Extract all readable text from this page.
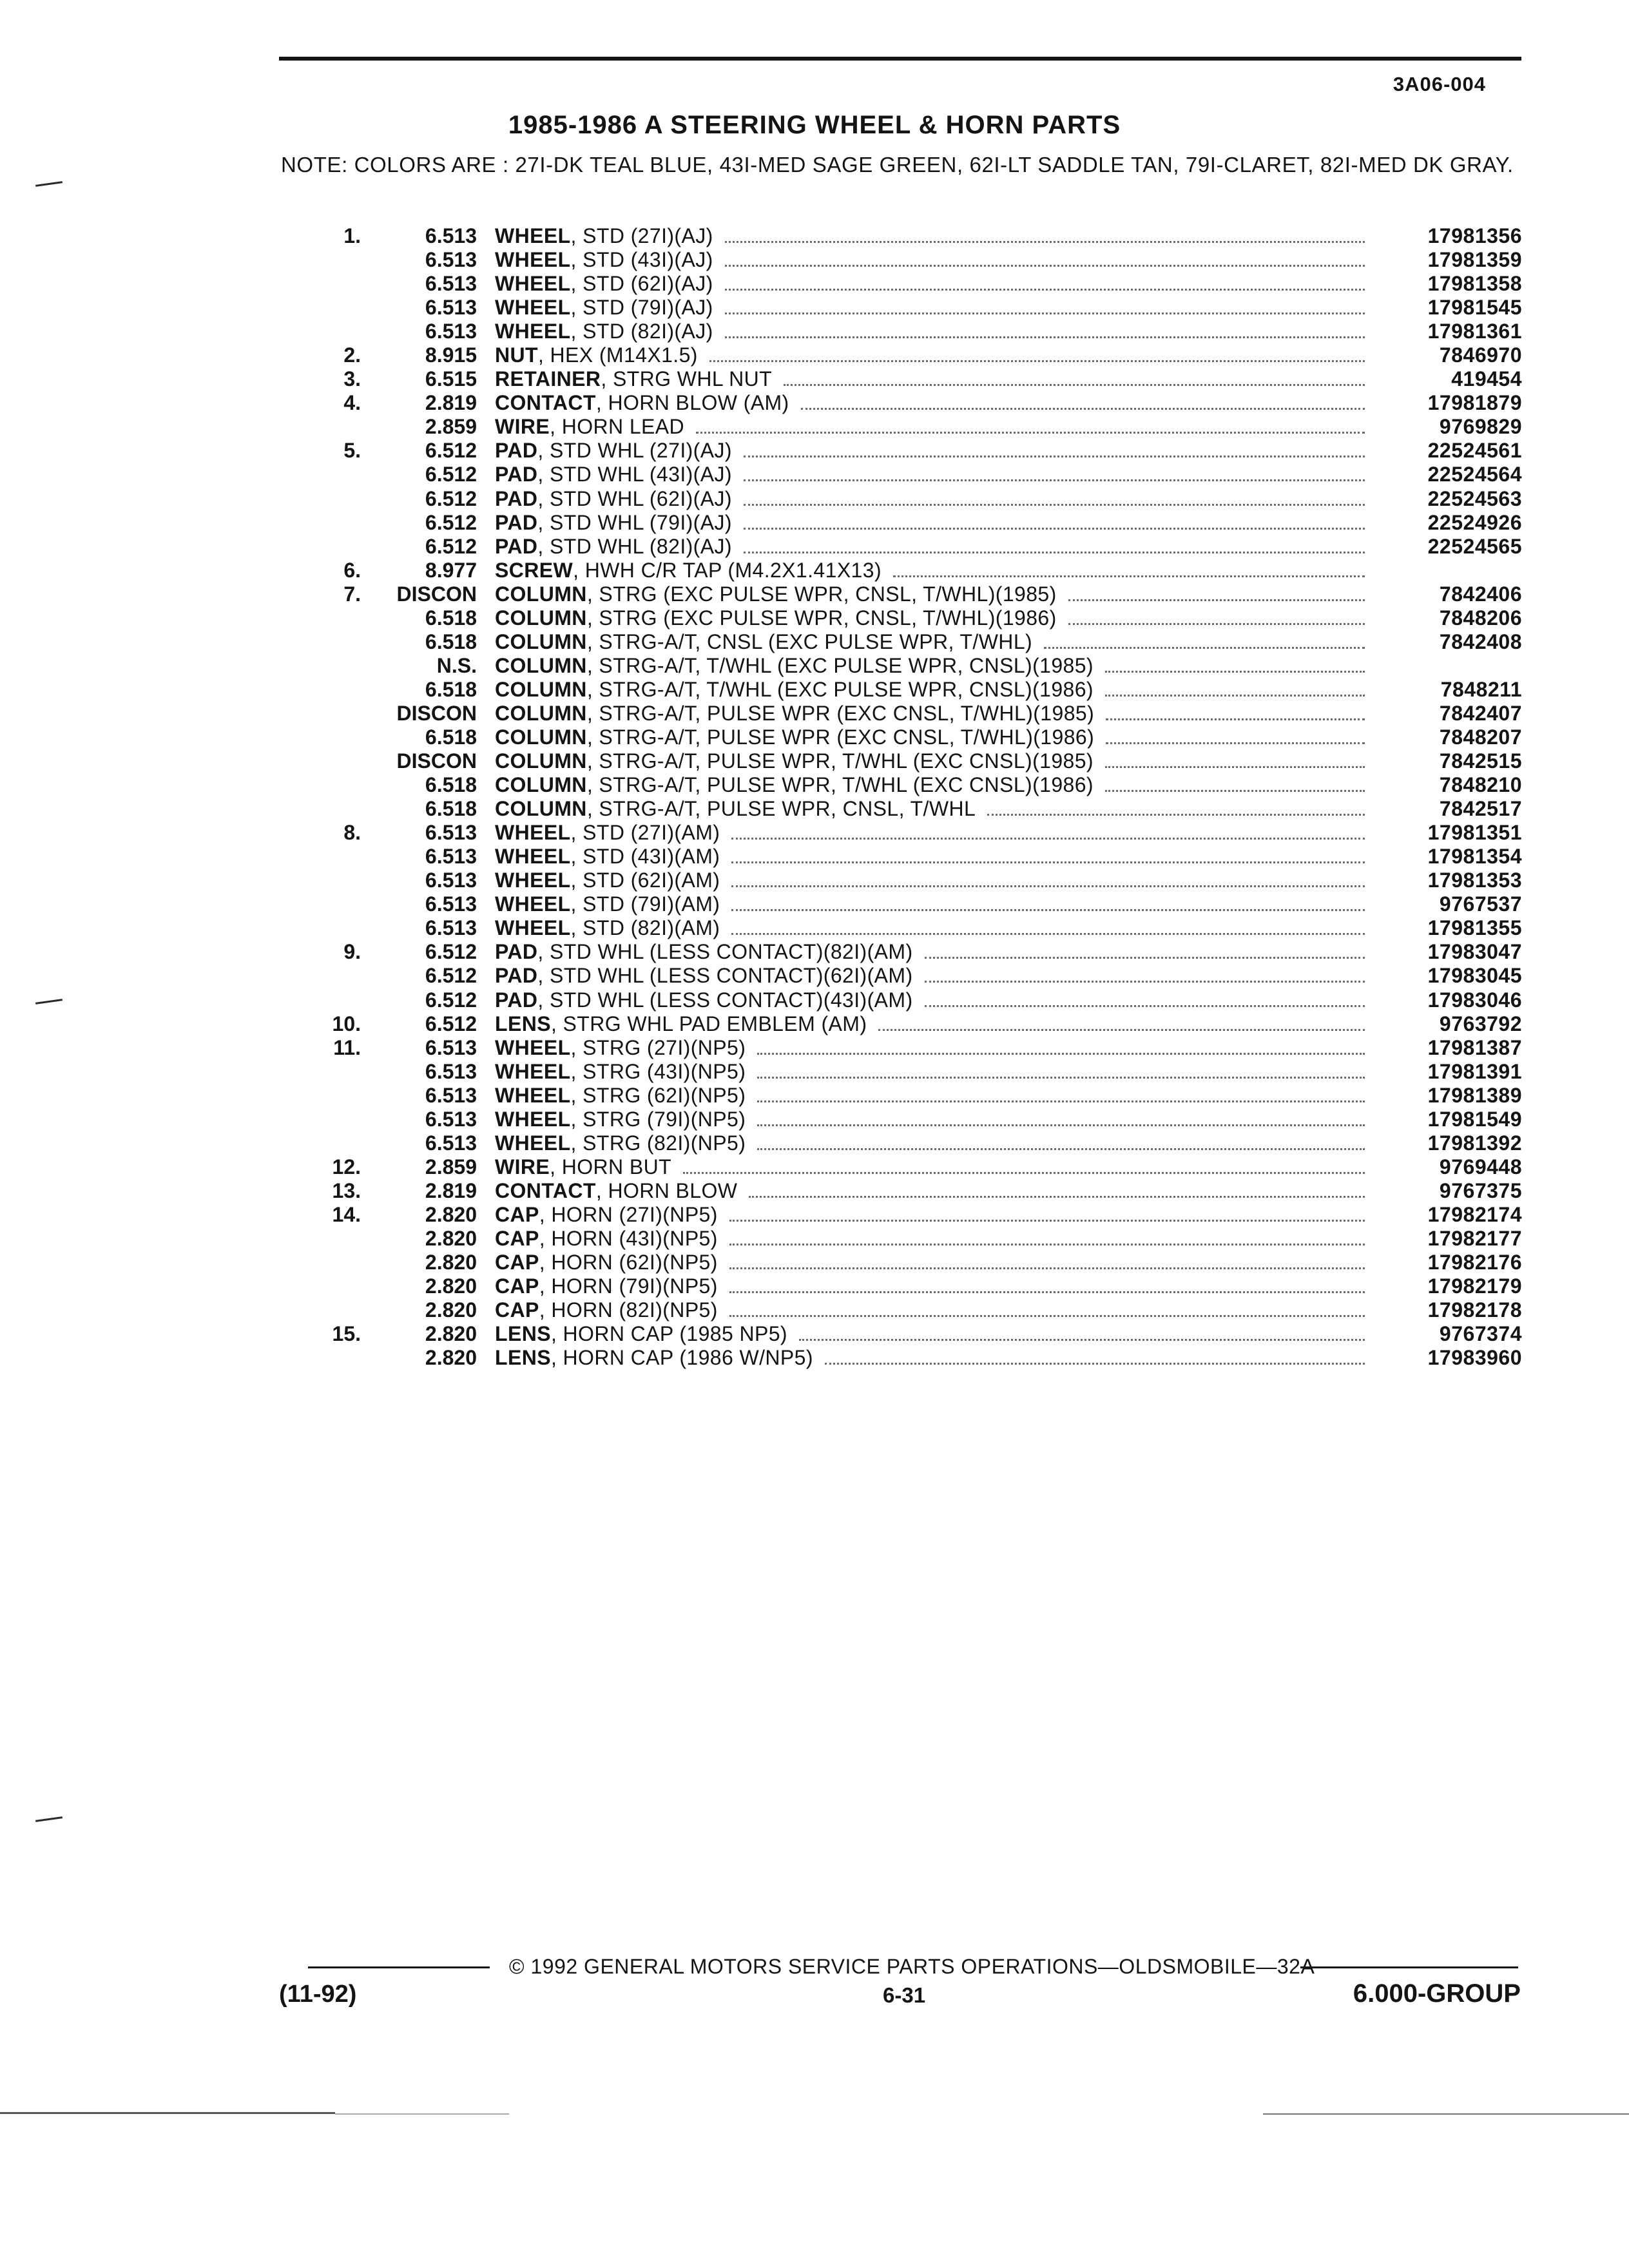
3A06-004
1985-1986 A STEERING WHEEL & HORN PARTS
NOTE: COLORS ARE : 27I-DK TEAL BLUE, 43I-MED SAGE GREEN, 62I-LT SADDLE TAN, 79I-CLARET, 82I-MED DK GRAY.
1.	6.513 WHEEL , STD (27I)(AJ)	17981356
6.513 WHEEL , STD (43I)(AJ)	17981359
6.513 WHEEL , STD (62I)(AJ)	17981358
6.513 WHEEL , STD (79I)(AJ)	17981545
6.513 WHEEL , STD (82I)(AJ)	17981361
2.	8.915 NUT , HEX (M14X1.5)	7846970
3.	6.515 RETAINER , STRG WHL NUT	419454
4.	2.819 CONTACT , HORN BLOW (AM)	17981879
2.859 WIRE , HORN LEAD	9769829
5.	6.512 PAD , STD WHL (27I)(AJ)	22524561
6.512 PAD , STD WHL (43I)(AJ)	22524564
6.512 PAD , STD WHL (62I)(AJ)	22524563
6.512 PAD , STD WHL (79I)(AJ)	22524926
6.512 PAD , STD WHL (82I)(AJ)	22524565
6.	8.977 SCREW , HWH C/R TAP (M4.2X1.41X13)
7.	DISCON COLUMN , STRG (EXC PULSE WPR, CNSL, T/WHL)(1985)	7842406
6.518 COLUMN , STRG (EXC PULSE WPR, CNSL, T/WHL)(1986)	7848206
6.518 COLUMN , STRG-A/T, CNSL (EXC PULSE WPR, T/WHL)	7842408
N.S. COLUMN , STRG-A/T, T/WHL (EXC PULSE WPR, CNSL)(1985)
6.518 COLUMN , STRG-A/T, T/WHL (EXC PULSE WPR, CNSL)(1986)	7848211
DISCON COLUMN , STRG-A/T, PULSE WPR (EXC CNSL, T/WHL)(1985)	7842407
6.518 COLUMN , STRG-A/T, PULSE WPR (EXC CNSL, T/WHL)(1986)	7848207
DISCON COLUMN , STRG-A/T, PULSE WPR, T/WHL (EXC CNSL)(1985)	7842515
6.518 COLUMN , STRG-A/T, PULSE WPR, T/WHL (EXC CNSL)(1986)	7848210
6.518 COLUMN , STRG-A/T, PULSE WPR, CNSL, T/WHL	7842517
8.	6.513 WHEEL , STD (27I)(AM)	17981351
6.513 WHEEL , STD (43I)(AM)	17981354
6.513 WHEEL , STD (62I)(AM)	17981353
6.513 WHEEL , STD (79I)(AM)	9767537
6.513 WHEEL , STD (82I)(AM)	17981355
9.	6.512 PAD , STD WHL (LESS CONTACT)(82I)(AM)	17983047
6.512 PAD , STD WHL (LESS CONTACT)(62I)(AM)	17983045
6.512 PAD , STD WHL (LESS CONTACT)(43I)(AM)	17983046
10.	6.512 LENS , STRG WHL PAD EMBLEM (AM)	9763792
11.	6.513 WHEEL , STRG (27I)(NP5)	17981387
6.513 WHEEL , STRG (43I)(NP5)	17981391
6.513 WHEEL , STRG (62I)(NP5)	17981389
6.513 WHEEL , STRG (79I)(NP5)	17981549
6.513 WHEEL , STRG (82I)(NP5)	17981392
12.	2.859 WIRE , HORN BUT	9769448
13.	2.819 CONTACT , HORN BLOW	9767375
14.	2.820 CAP , HORN (27I)(NP5)	17982174
2.820 CAP , HORN (43I)(NP5)	17982177
2.820 CAP , HORN (62I)(NP5)	17982176
2.820 CAP , HORN (79I)(NP5)	17982179
2.820 CAP , HORN (82I)(NP5)	17982178
15.	2.820 LENS , HORN CAP (1985 NP5)	9767374
2.820 LENS , HORN CAP (1986 W/NP5)	17983960
© 1992 GENERAL MOTORS SERVICE PARTS OPERATIONS—OLDSMOBILE—32A
(11-92)	6-31	6.000-GROUP
